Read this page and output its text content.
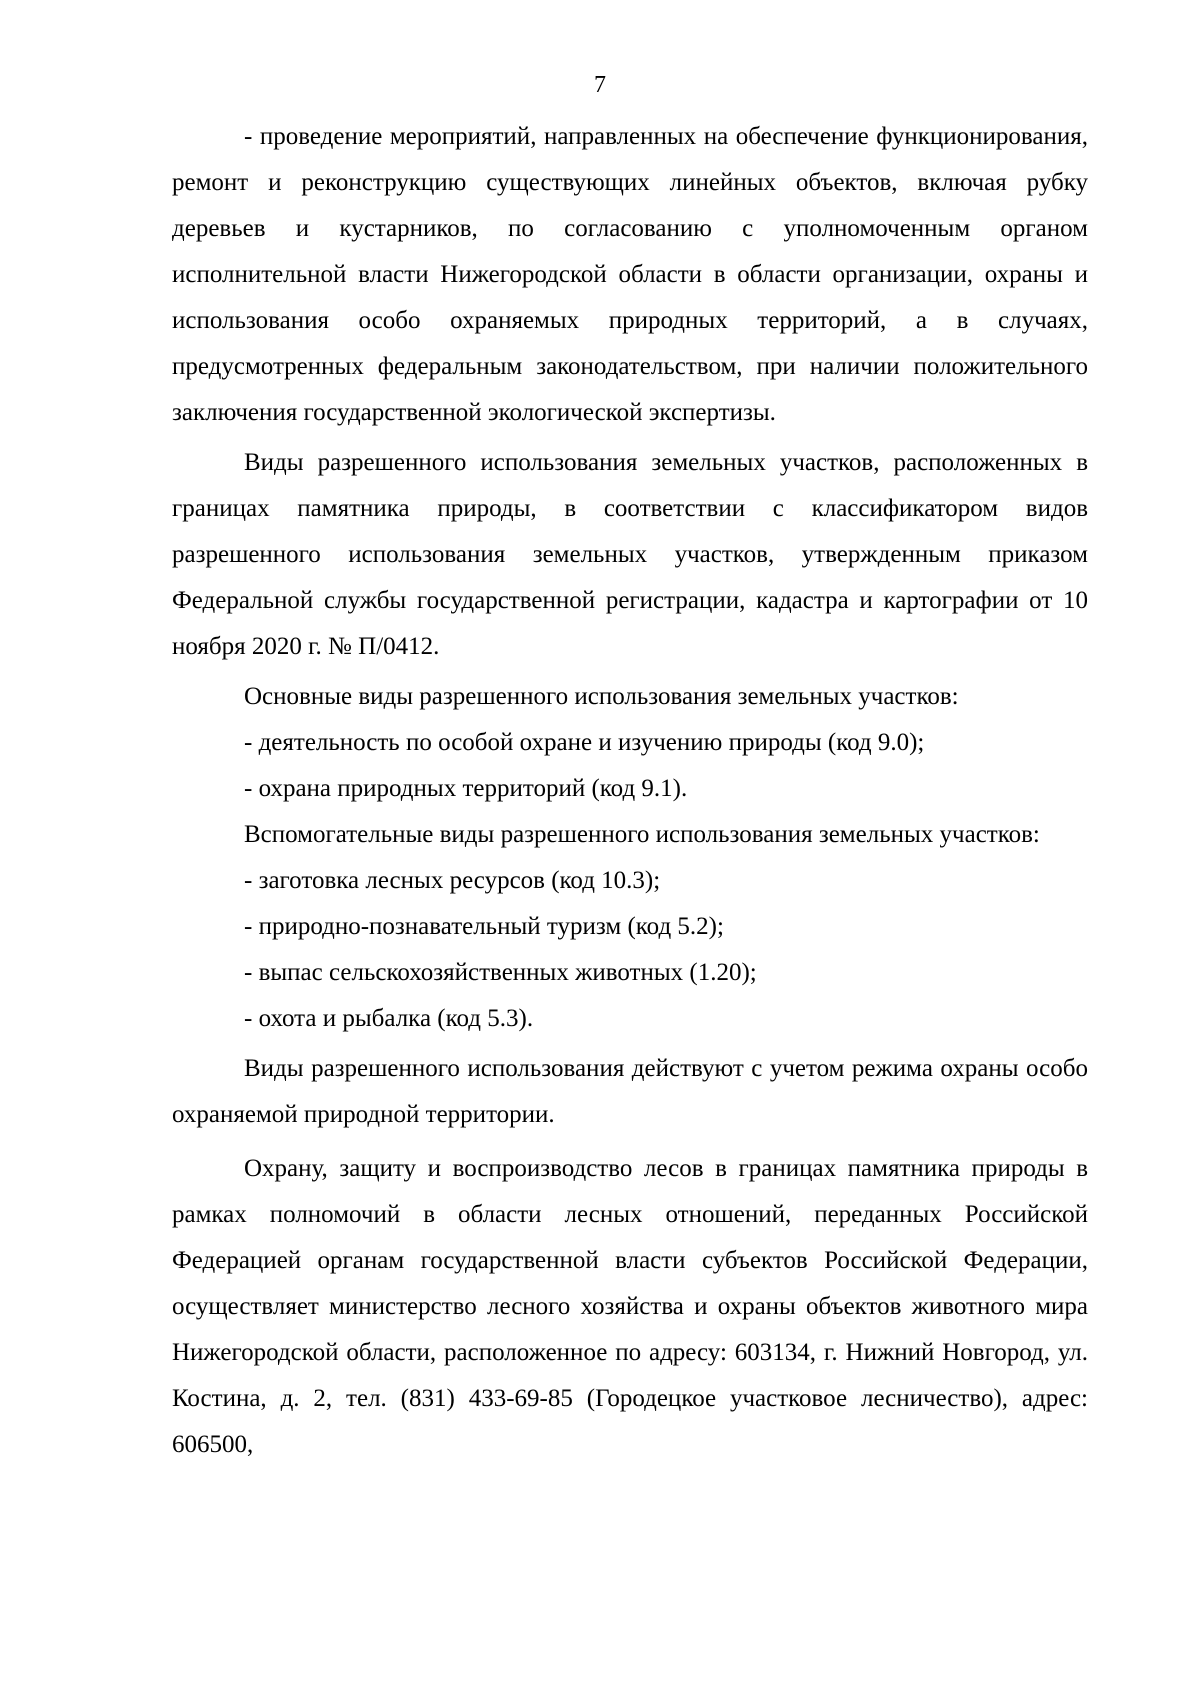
7

- проведение мероприятий, направленных на обеспечение функционирования, ремонт и реконструкцию существующих линейных объектов, включая рубку деревьев и кустарников, по согласованию с уполномоченным органом исполнительной власти Нижегородской области в области организации, охраны и использования особо охраняемых природных территорий, а в случаях, предусмотренных федеральным законодательством, при наличии положительного заключения государственной экологической экспертизы.

Виды разрешенного использования земельных участков, расположенных в границах памятника природы, в соответствии с классификатором видов разрешенного использования земельных участков, утвержденным приказом Федеральной службы государственной регистрации, кадастра и картографии от 10 ноября 2020 г. № П/0412.

Основные виды разрешенного использования земельных участков:

- деятельность по особой охране и изучению природы (код 9.0);

- охрана природных территорий (код 9.1).

Вспомогательные виды разрешенного использования земельных участков:

- заготовка лесных ресурсов (код 10.3);

- природно-познавательный туризм (код 5.2);

- выпас сельскохозяйственных животных (1.20);

- охота и рыбалка (код 5.3).

Виды разрешенного использования действуют с учетом режима охраны особо охраняемой природной территории.

Охрану, защиту и воспроизводство лесов в границах памятника природы в рамках полномочий в области лесных отношений, переданных Российской Федерацией органам государственной власти субъектов Российской Федерации, осуществляет министерство лесного хозяйства и охраны объектов животного мира Нижегородской области, расположенное по адресу: 603134, г. Нижний Новгород, ул. Костина, д. 2, тел. (831) 433-69-85 (Городецкое участковое лесничество), адрес: 606500,
